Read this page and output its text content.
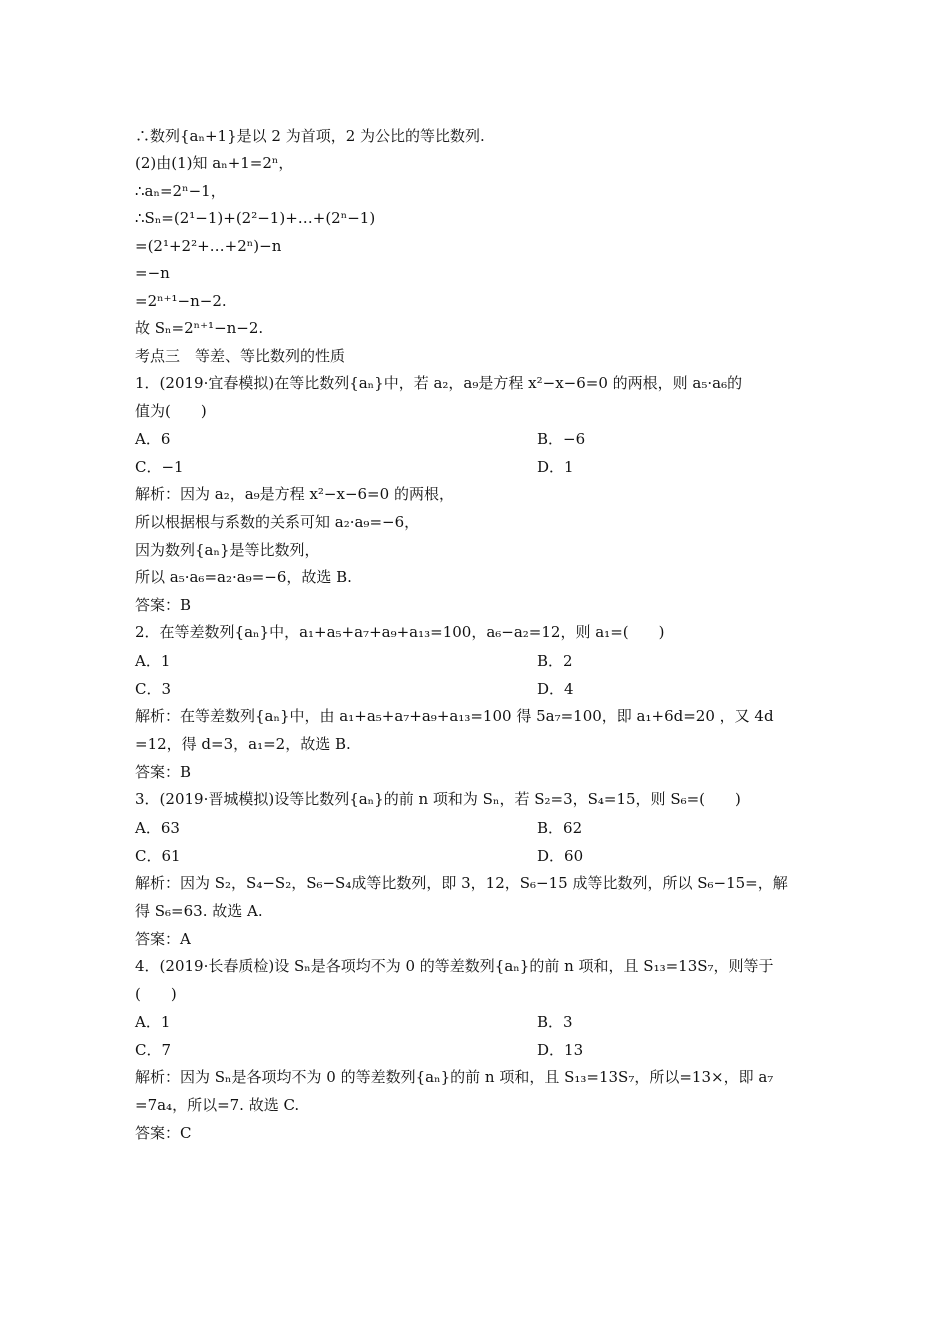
∴数列{aₙ+1}是以 2 为首项，2 为公比的等比数列.
(2)由(1)知 aₙ+1=2ⁿ，
∴aₙ=2ⁿ−1，
∴Sₙ=(2¹−1)+(2²−1)+…+(2ⁿ−1)
=(2¹+2²+…+2ⁿ)−n
=−n
=2ⁿ⁺¹−n−2.
故 Sₙ=2ⁿ⁺¹−n−2.
考点三　等差、等比数列的性质
1．(2019·宜春模拟)在等比数列{aₙ}中，若 a₂，a₉是方程 x²−x−6=0 的两根，则 a₅·a₆的
值为(　　)
A．6	B．−6
C．−1	D．1
解析：因为 a₂，a₉是方程 x²−x−6=0 的两根，
所以根据根与系数的关系可知 a₂·a₉=−6，
因为数列{aₙ}是等比数列，
所以 a₅·a₆=a₂·a₉=−6，故选 B.
答案：B
2．在等差数列{aₙ}中，a₁+a₅+a₇+a₉+a₁₃=100，a₆−a₂=12，则 a₁=(　　)
A．1	B．2
C．3	D．4
解析：在等差数列{aₙ}中，由 a₁+a₅+a₇+a₉+a₁₃=100 得 5a₇=100，即 a₁+6d=20 ，又 4d
=12，得 d=3，a₁=2，故选 B.
答案：B
3．(2019·晋城模拟)设等比数列{aₙ}的前 n 项和为 Sₙ，若 S₂=3，S₄=15，则 S₆=(　　)
A．63	B．62
C．61	D．60
解析：因为 S₂，S₄−S₂，S₆−S₄成等比数列，即 3，12，S₆−15 成等比数列，所以 S₆−15=，解
得 S₆=63. 故选 A.
答案：A
4．(2019·长春质检)设 Sₙ是各项均不为 0 的等差数列{aₙ}的前 n 项和，且 S₁₃=13S₇，则等于
(　　)
A．1	B．3
C．7	D．13
解析：因为 Sₙ是各项均不为 0 的等差数列{aₙ}的前 n 项和，且 S₁₃=13S₇，所以=13×，即 a₇
=7a₄，所以=7. 故选 C.
答案：C
